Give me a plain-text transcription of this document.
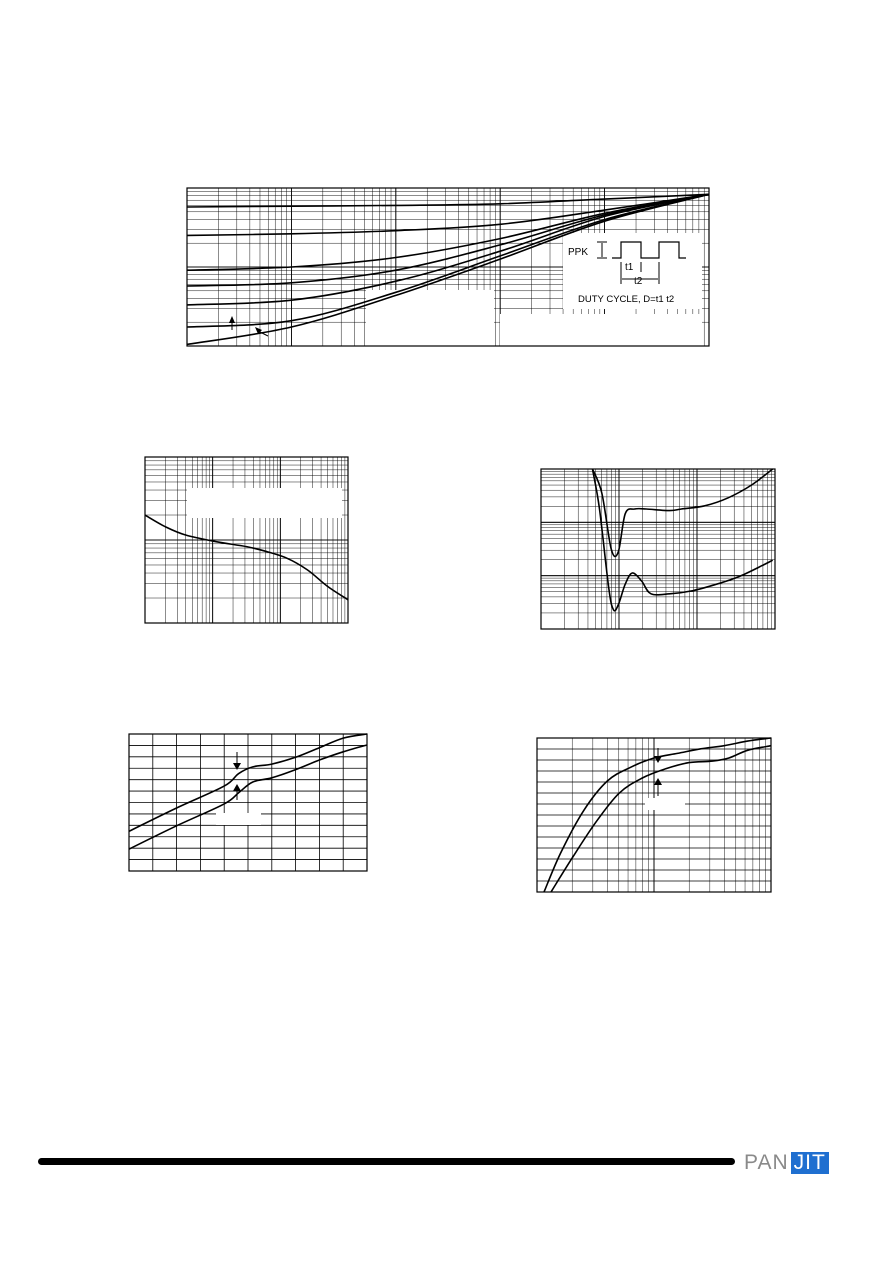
PPK
t1
t2
DUTY CYCLE, D=t1 t2
PAN JIT
